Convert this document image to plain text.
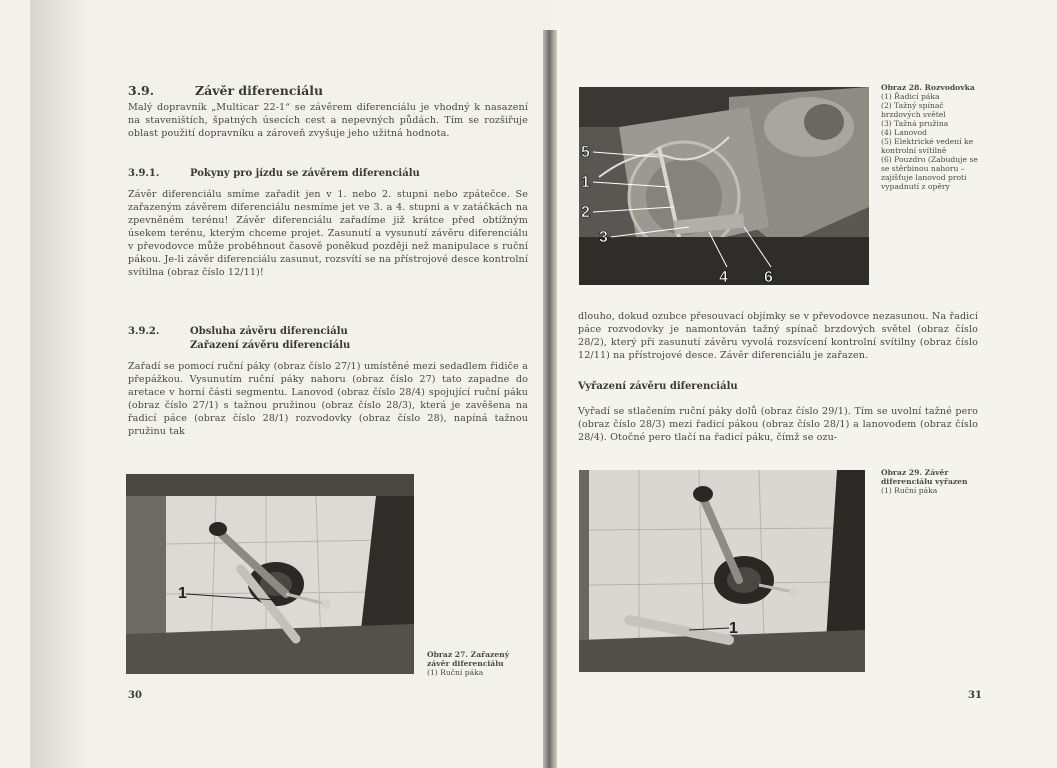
3.9.	Závěr diferenciálu

Malý dopravník „Multicar 22-1“ se závěrem diferenciálu je vhodný k nasazení na staveništích, špatných úsecích cest a nepevných půdách. Tím se rozšiřuje oblast použití dopravníku a zároveň zvyšuje jeho užitná hodnota.

3.9.1.	Pokyny pro jízdu se závěrem diferenciálu

Závěr diferenciálu smíme zařadit jen v 1. nebo 2. stupni nebo zpátečce. Se zařazeným závěrem diferenciálu nesmíme jet ve 3. a 4. stupni a v zatáčkách na zpevněném terénu! Závěr diferenciálu zařadíme již krátce před obtížným úsekem terénu, kterým chceme projet. Zasunutí a vysunutí závěru diferenciálu v převodovce může proběhnout časově poněkud později než manipulace s ruční pákou. Je-li závěr diferenciálu zasunut, rozsvítí se na přístrojové desce kontrolní svítilna (obraz číslo 12/11)!

3.9.2.	Obsluha závěru diferenciálu
Zařazení závěru diferenciálu

Zařadí se pomocí ruční páky (obraz číslo 27/1) umístěné mezi sedadlem řidiče a přepážkou. Vysunutím ruční páky nahoru (obraz číslo 27) tato zapadne do aretace v horní části segmentu. Lanovod (obraz číslo 28/4) spojující ruční páku (obraz číslo 27/1) s tažnou pružinou (obraz číslo 28/3), která je zavěšena na řadicí páce (obraz číslo 28/1) rozvodovky (obraz číslo 28), napíná tažnou pružinu tak

1
Obraz 27. Zařazený závěr diferenciálu
(1) Ruční páka
30
5
1
2
3
4 6
Obraz 28. Rozvodovka
(1) Řadicí páka
(2) Tažný spínač brzdových světel
(3) Tažná pružina
(4) Lanovod
(5) Elektrické vedení ke kontrolní svítilně
(6) Pouzdro (Zabuduje se se stěrbinou nahoru – zajišťuje lanovod proti vypadnutí z opěry

dlouho, dokud ozubce přesouvací objímky se v převodovce nezasunou. Na řadicí páce rozvodovky je namontován tažný spínač brzdových světel (obraz číslo 28/2), který při zasunutí závěru vyvolá rozsvícení kontrolní svítilny (obraz číslo 12/11) na přístrojové desce. Závěr diferenciálu je zařazen.

Vyřazení závěru diferenciálu

Vyřadí se stlačením ruční páky dolů (obraz číslo 29/1). Tím se uvolní tažné pero (obraz číslo 28/3) mezi řadicí pákou (obraz číslo 28/1) a lanovodem (obraz číslo 28/4). Otočné pero tlačí na řadicí páku, čímž se ozu-

1
Obraz 29. Závěr diferenciálu vyřazen
(1) Ruční páka
31
